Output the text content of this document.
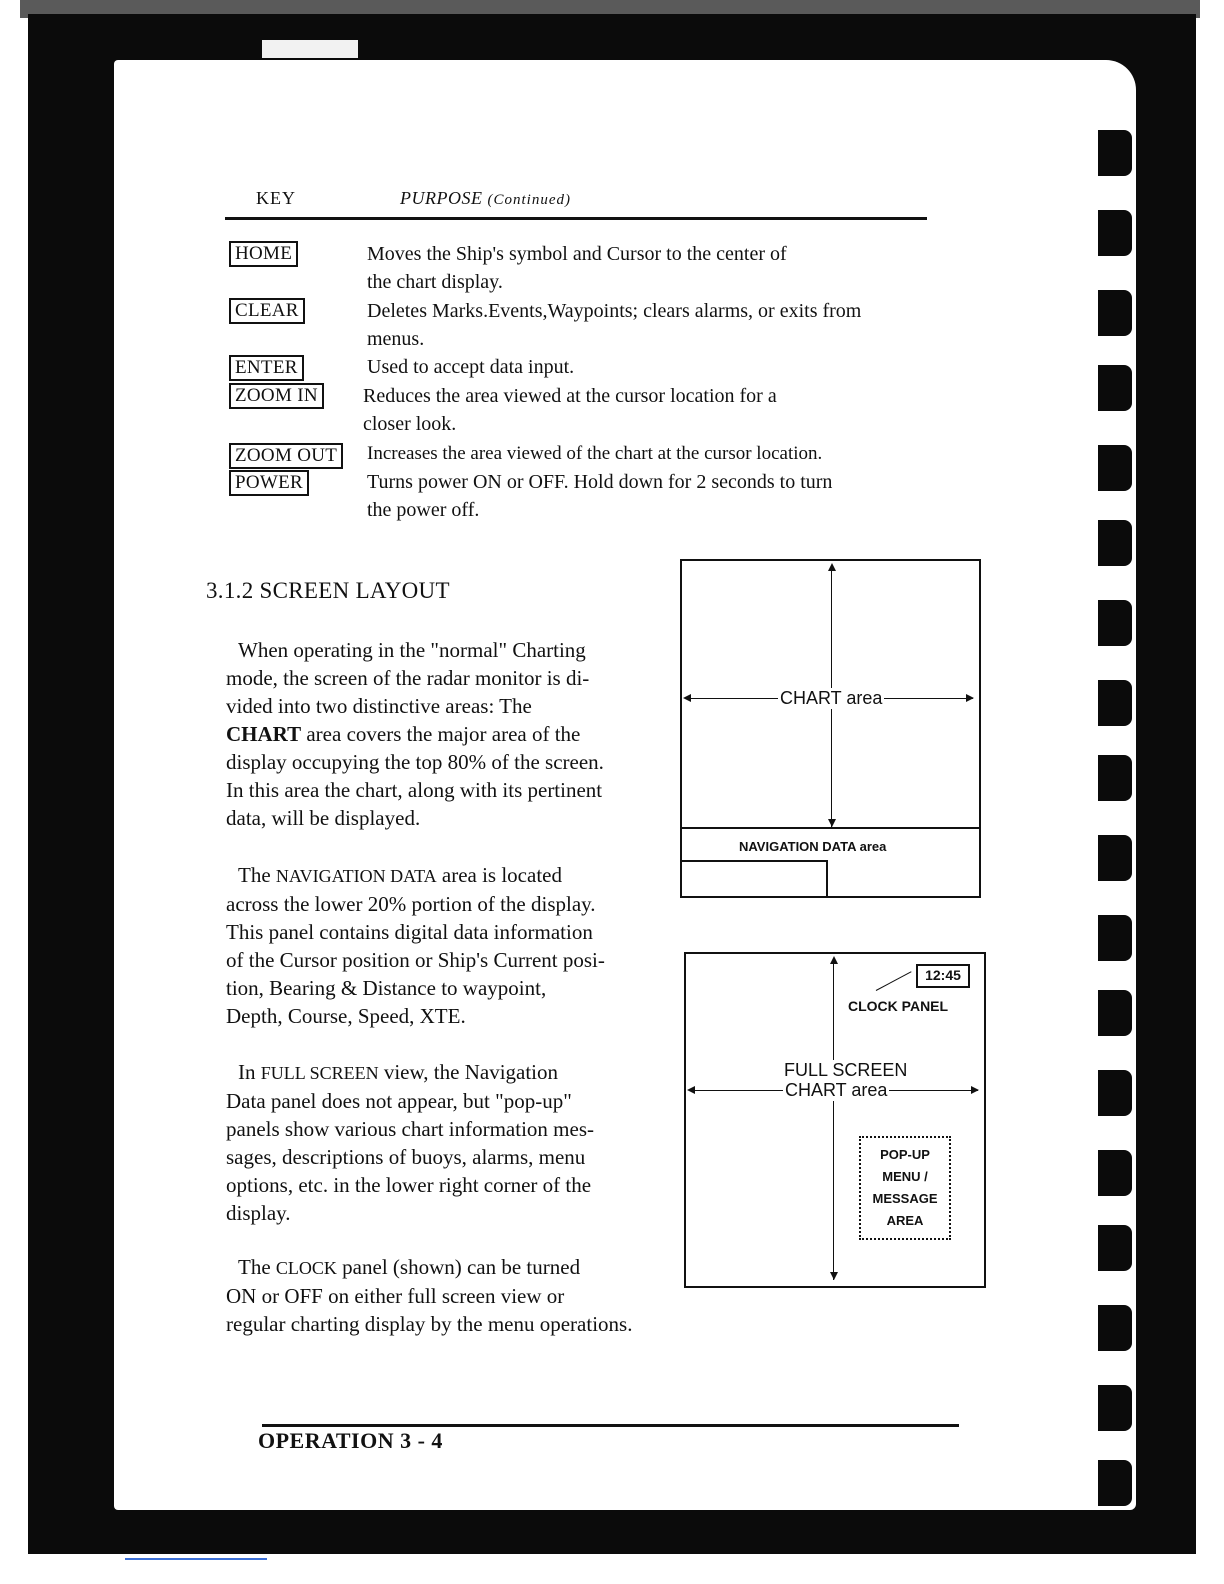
KEY	PURPOSE (Continued)
HOME	Moves the Ship's symbol and Cursor to the center of
the chart display.
CLEAR	Deletes Marks.Events,Waypoints; clears alarms, or exits from
menus.
ENTER	Used to accept data input.
ZOOM IN	Reduces the area viewed at the cursor location for a
closer look.
ZOOM OUT	Increases the area viewed of the chart at the cursor location.
POWER	Turns power ON or OFF. Hold down for 2 seconds to turn
the power off.
3.1.2 SCREEN LAYOUT
When operating in the "normal" Charting
mode, the screen of the radar monitor is di-
vided into two distinctive areas: The
CHART area covers the major area of the
display occupying the top 80% of the screen.
In this area the chart, along with its pertinent
data, will be displayed.
The NAVIGATION DATA area is located
across the lower 20% portion of the display.
This panel contains digital data information
of the Cursor position or Ship's Current posi-
tion, Bearing & Distance to waypoint,
Depth, Course, Speed, XTE.
In FULL SCREEN view, the Navigation
Data panel does not appear, but "pop-up"
panels show various chart information mes-
sages, descriptions of buoys, alarms, menu
options, etc. in the lower right corner of the
display.
The CLOCK panel (shown) can be turned
ON or OFF on either full screen view or
regular charting display by the menu operations.
CHART area
NAVIGATION DATA area
12:45
CLOCK PANEL
FULL SCREEN
CHART area
POP-UP
MENU /
MESSAGE
AREA
OPERATION 3 - 4
